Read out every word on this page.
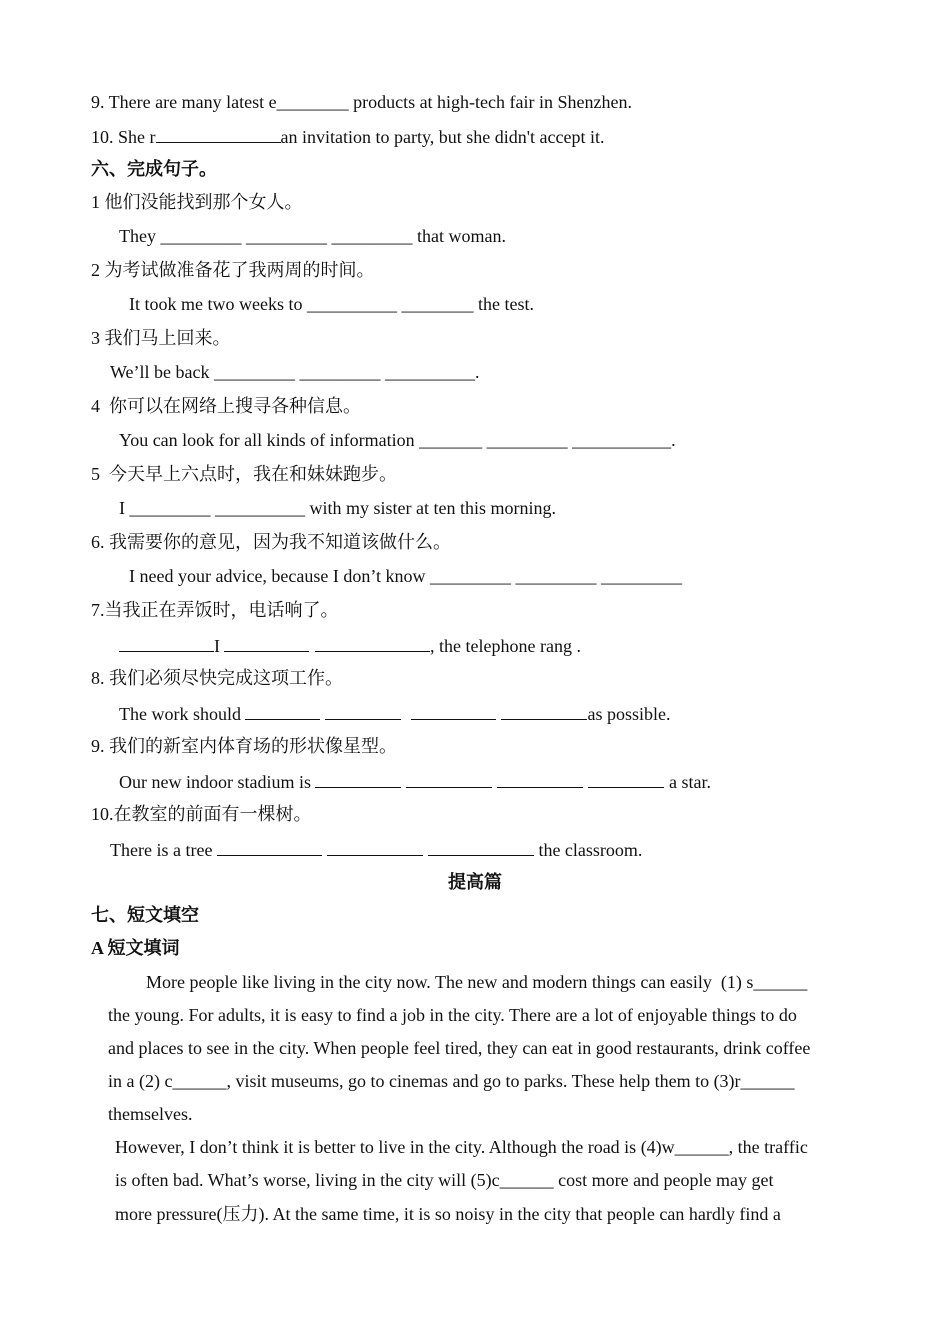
9. There are many latest e________ products at high-tech fair in Shenzhen.
10. She r	an invitation to party, but she didn't accept it.
六、完成句子。
1 他们没能找到那个女人。
They _________ _________ _________ that woman.
2 为考试做准备花了我两周的时间。
It took me two weeks to __________ ________ the test.
3 我们马上回来。
We’ll be back _________ _________ __________.
4  你可以在网络上搜寻各种信息。
You can look for all kinds of information _______ _________ ___________.
5  今天早上六点时，我在和妹妹跑步。
I _________ __________ with my sister at ten this morning.
6. 我需要你的意见，因为我不知道该做什么。
I need your advice, because I don’t know _________ _________ _________
7.当我正在弄饭时，电话响了。
I	, the telephone rang .
8. 我们必须尽快完成这项工作。
The work should	as possible.
9. 我们的新室内体育场的形状像星型。
Our new indoor stadium is	a star.
10.在教室的前面有一棵树。
There is a tree	the classroom.
提高篇
七、短文填空
A 短文填词
More people like living in the city now. The new and modern things can easily  (1) s______
the young. For adults, it is easy to find a job in the city. There are a lot of enjoyable things to do
and places to see in the city. When people feel tired, they can eat in good restaurants, drink coffee
in a (2) c______, visit museums, go to cinemas and go to parks. These help them to (3)r______
themselves.
However, I don’t think it is better to live in the city. Although the road is (4)w______, the traffic
is often bad. What’s worse, living in the city will (5)c______ cost more and people may get
more pressure(压力). At the same time, it is so noisy in the city that people can hardly find a
